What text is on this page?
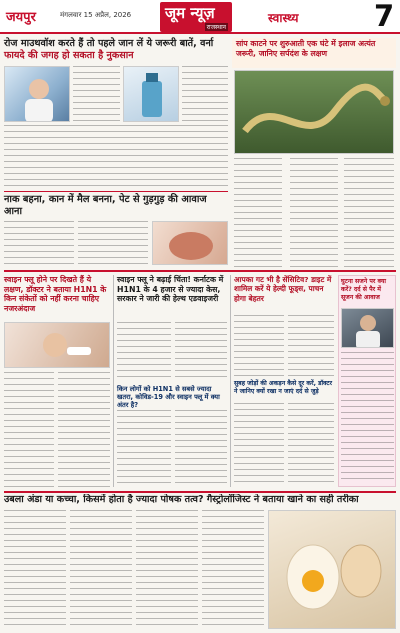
जयपुर	मंगलवार 15 अप्रैल, 2026 जूम न्यूज़
राजस्थान
स्वास्थ्य	7
रोज माउथवॉश करते हैं तो पहले जान लें ये जरूरी बातें, वर्ना
फायदे की जगह हो सकता है नुकसान
नाक बहना, कान में मैल बनना, पेट से गुड़गुड़ की आवाज आना
सांप काटने पर शुरुआती एक घंटे में इलाज अत्यंत
जरूरी, जानिए सर्पदंश के लक्षण
स्वाइन फ्लू होने पर दिखते हैं ये लक्षण, डॉक्टर ने बताया H1N1 के किन संकेतों को नहीं करना चाहिए नजरअंदाज
स्वाइन फ्लू ने बढ़ाई चिंता! कर्नाटक में H1N1 के 4 हजार से ज्यादा केस, सरकार ने जारी की हेल्थ एडवाइजरी
किन लोगों को H1N1 से सबसे ज्यादा खतरा, कोविड-19 और स्वाइन फ्लू में क्या अंतर है?
आपका गट भी है सेंसिटिव? डाइट में शामिल करें ये हेल्दी फूड्स, पाचन होगा बेहतर
सुबह जोड़ों की अकड़न कैसे दूर करें, डॉक्टर ने जानिए क्यों रखा न जाएं दर्द से जुड़े
घुटना सजने पर क्या करें? दर्द से पैर में सूजन की आवाज
उबला अंडा या कच्चा, किसमें होता है ज्यादा पोषक तत्व? गैस्ट्रोलॉजिस्ट ने बताया खाने का सही तरीका
